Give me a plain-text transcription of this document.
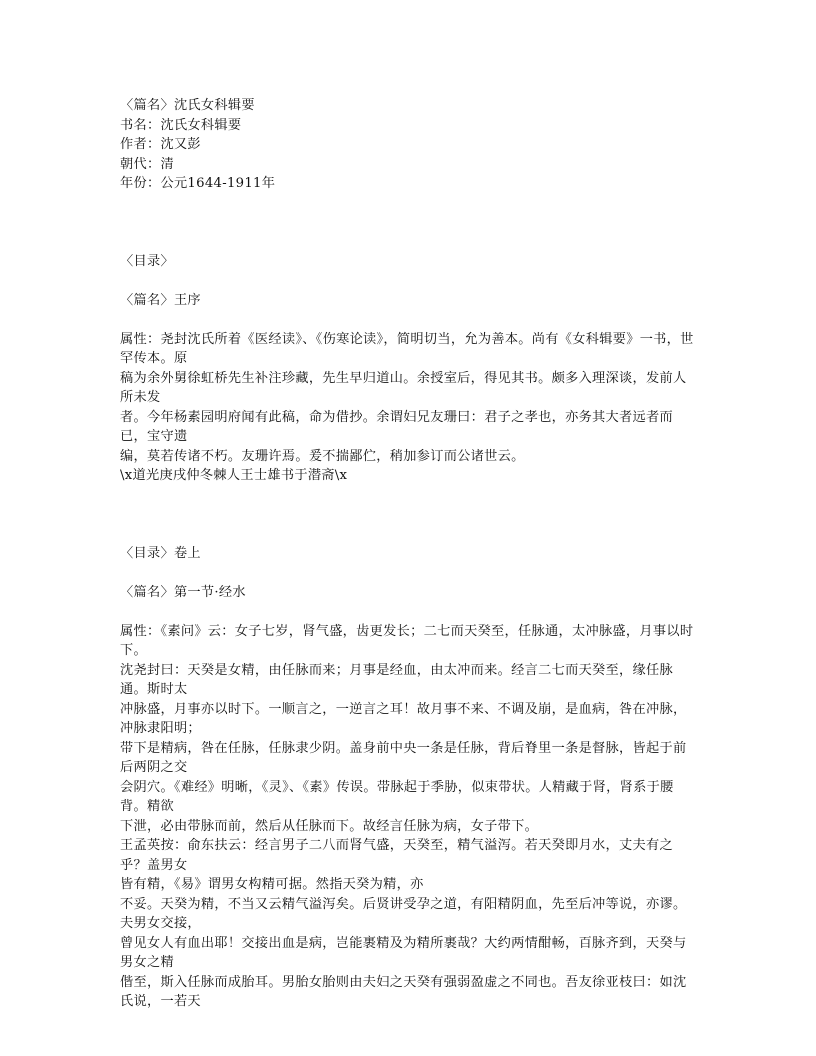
〈篇名〉沈氏女科辑要
书名：沈氏女科辑要
作者：沈又彭
朝代：清
年份：公元1644-1911年
〈目录〉
〈篇名〉王序
属性：尧封沈氏所着《医经读》、《伤寒论读》，简明切当，允为善本。尚有《女科辑要》一书，世罕传本。原
稿为余外舅徐虹桥先生补注珍藏，先生早归道山。余授室后，得见其书。颇多入理深谈，发前人所未发
者。今年杨素园明府闻有此稿，命为借抄。余谓妇兄友珊曰：君子之孝也，亦务其大者远者而已，宝守遗
编，莫若传诸不朽。友珊许焉。爰不揣鄙伫，稍加参订而公诸世云。
\x道光庚戌仲冬棘人王士雄书于潜斋\x
〈目录〉卷上
〈篇名〉第一节·经水
属性：《素问》云：女子七岁，肾气盛，齿更发长；二七而天癸至，任脉通，太冲脉盛，月事以时下。
沈尧封曰：天癸是女精，由任脉而来；月事是经血，由太冲而来。经言二七而天癸至，缘任脉通。斯时太
冲脉盛，月事亦以时下。一顺言之，一逆言之耳！故月事不来、不调及崩，是血病，咎在冲脉，冲脉隶阳明；
带下是精病，咎在任脉，任脉隶少阴。盖身前中央一条是任脉，背后脊里一条是督脉，皆起于前后两阴之交
会阴穴。《难经》明晰，《灵》、《素》传误。带脉起于季胁，似束带状。人精藏于肾，肾系于腰背。精欲
下泄，必由带脉而前，然后从任脉而下。故经言任脉为病，女子带下。
王孟英按：俞东扶云：经言男子二八而肾气盛，天癸至，精气溢泻。若天癸即月水，丈夫有之乎？盖男女
皆有精，《易》谓男女构精可据。然指天癸为精，亦
不妥。天癸为精，不当又云精气溢泻矣。后贤讲受孕之道，有阳精阴血，先至后冲等说，亦谬。夫男女交接，
曾见女人有血出耶！交接出血是病，岂能裹精及为精所裹哉？大约两情酣畅，百脉齐到，天癸与男女之精
偕至，斯入任脉而成胎耳。男胎女胎则由夫妇之天癸有强弱盈虚之不同也。吾友徐亚枝曰：如沈氏说，一若天
